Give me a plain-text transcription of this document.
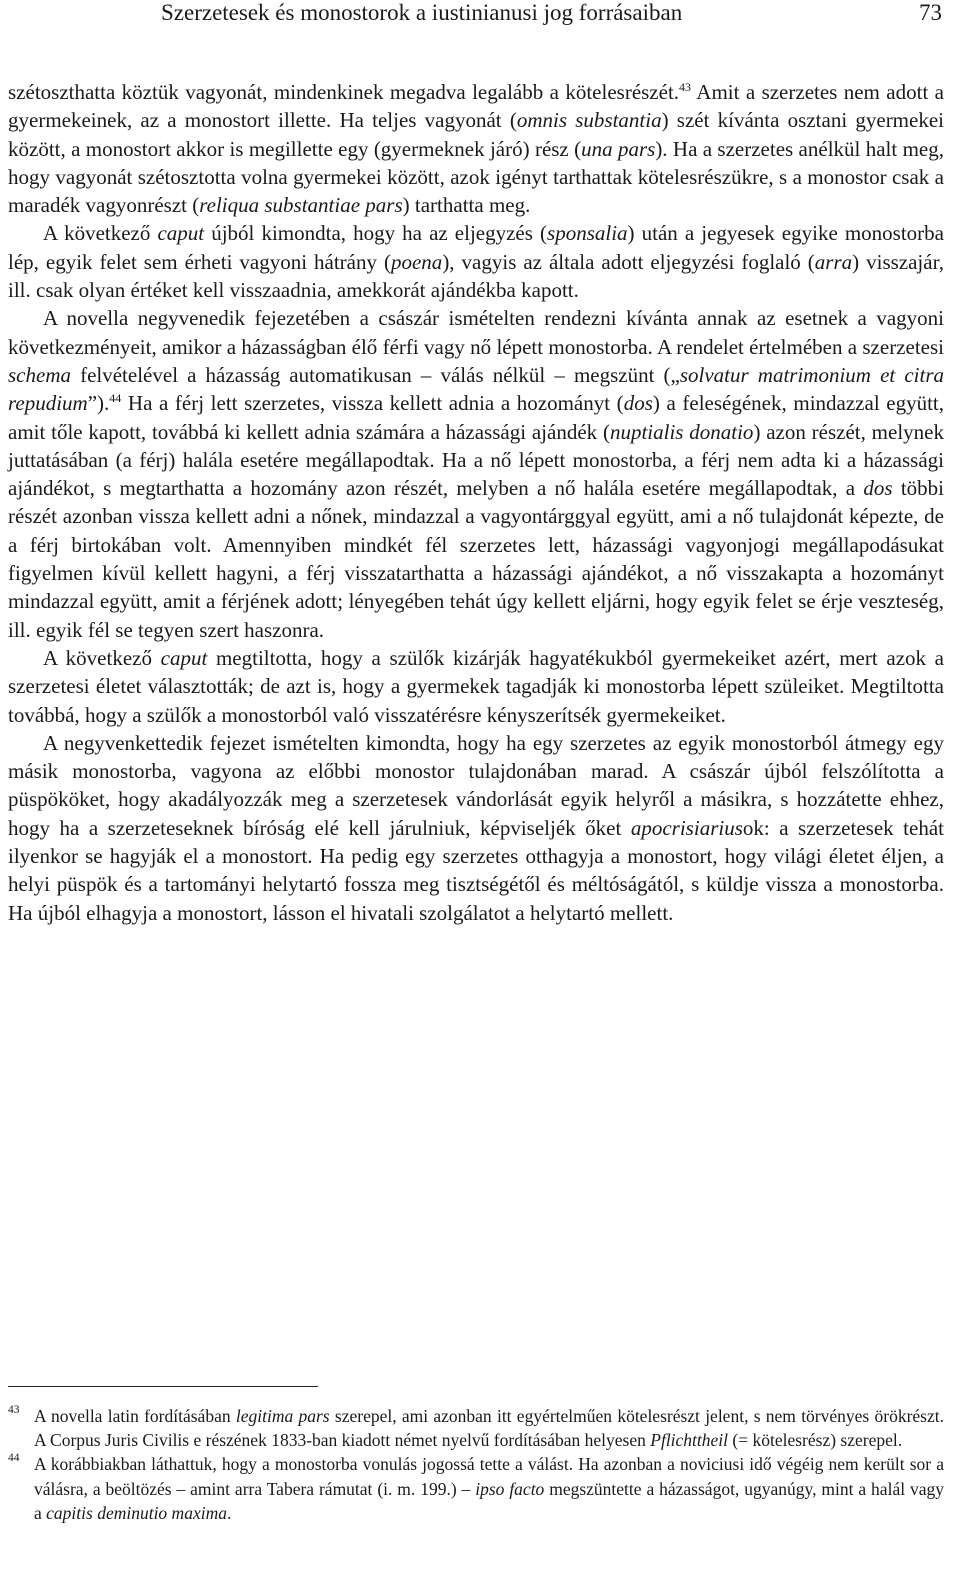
Szerzetesek és monostorok a iustinianusi jog forrásaiban	73

szétoszthatta köztük vagyonát, mindenkinek megadva legalább a kötelesrészét.$^{43}$ Amit a szerzetes nem adott a gyermekeinek, az a monostort illette. Ha teljes vagyonát (omnis substantia) szét kívánta osztani gyermekei között, a monostort akkor is megillette egy (gyermeknek járó) rész (una pars). Ha a szerzetes anélkül halt meg, hogy vagyonát szétosztotta volna gyermekei között, azok igényt tarthattak kötelesrészükre, s a monostor csak a maradék vagyonrészt (reliqua substantiae pars) tarthatta meg.

A következő caput újból kimondta, hogy ha az eljegyzés (sponsalia) után a jegyesek egyike monostorba lép, egyik felet sem érheti vagyoni hátrány (poena), vagyis az általa adott eljegyzési foglaló (arra) visszajár, ill. csak olyan értéket kell visszaadnia, amekkorát ajándékba kapott.

A novella negyvenedik fejezetében a császár ismételten rendezni kívánta annak az esetnek a vagyoni következményeit, amikor a házasságban élő férfi vagy nő lépett monostorba. A rendelet értelmében a szerzetesi schema felvételével a házasság automatikusan – válás nélkül – megszünt („solvatur matrimonium et citra repudium”).$^{44}$ Ha a férj lett szerzetes, vissza kellett adnia a hozományt (dos) a feleségének, mindazzal együtt, amit tőle kapott, továbbá ki kellett adnia számára a házassági ajándék (nuptialis donatio) azon részét, melynek juttatásában (a férj) halála esetére megállapodtak. Ha a nő lépett monostorba, a férj nem adta ki a házassági ajándékot, s megtarthatta a hozomány azon részét, melyben a nő halála esetére megállapodtak, a dos többi részét azonban vissza kellett adni a nőnek, mindazzal a vagyontárggyal együtt, ami a nő tulajdonát képezte, de a férj birtokában volt. Amennyiben mindkét fél szerzetes lett, házassági vagyonjogi megállapodásukat figyelmen kívül kellett hagyni, a férj visszatarthatta a házassági ajándékot, a nő visszakapta a hozományt mindazzal együtt, amit a férjének adott; lényegében tehát úgy kellett eljárni, hogy egyik felet se érje veszteség, ill. egyik fél se tegyen szert haszonra.

A következő caput megtiltotta, hogy a szülők kizárják hagyatékukból gyermekeiket azért, mert azok a szerzetesi életet választották; de azt is, hogy a gyermekek tagadják ki monostorba lépett szüleiket. Megtiltotta továbbá, hogy a szülők a monostorból való visszatérésre kényszerítsék gyermekeiket.

A negyvenkettedik fejezet ismételten kimondta, hogy ha egy szerzetes az egyik monostorból átmegy egy másik monostorba, vagyona az előbbi monostor tulajdonában marad. A császár újból felszólította a püspököket, hogy akadályozzák meg a szerzetesek vándorlását egyik helyről a másikra, s hozzátette ehhez, hogy ha a szerzeteseknek bíróság elé kell járulniuk, képviseljék őket apocrisiariusok: a szerzetesek tehát ilyenkor se hagyják el a monostort. Ha pedig egy szerzetes otthagyja a monostort, hogy világi életet éljen, a helyi püspök és a tartományi helytartó fossza meg tisztségétől és méltóságától, s küldje vissza a monostorba. Ha újból elhagyja a monostort, lásson el hivatali szolgálatot a helytartó mellett.

43 A novella latin fordításában legitima pars szerepel, ami azonban itt egyértelműen kötelesrészt jelent, s nem törvényes örökrészt. A Corpus Juris Civilis e részének 1833-ban kiadott német nyelvű fordításában helyesen Pflichttheil (= kötelesrész) szerepel.

44 A korábbiakban láthattuk, hogy a monostorba vonulás jogossá tette a válást. Ha azonban a noviciusi idő végéig nem került sor a válásra, a beöltözés – amint arra Tabera rámutat (i. m. 199.) – ipso facto megszüntette a házasságot, ugyanúgy, mint a halál vagy a capitis deminutio maxima.
